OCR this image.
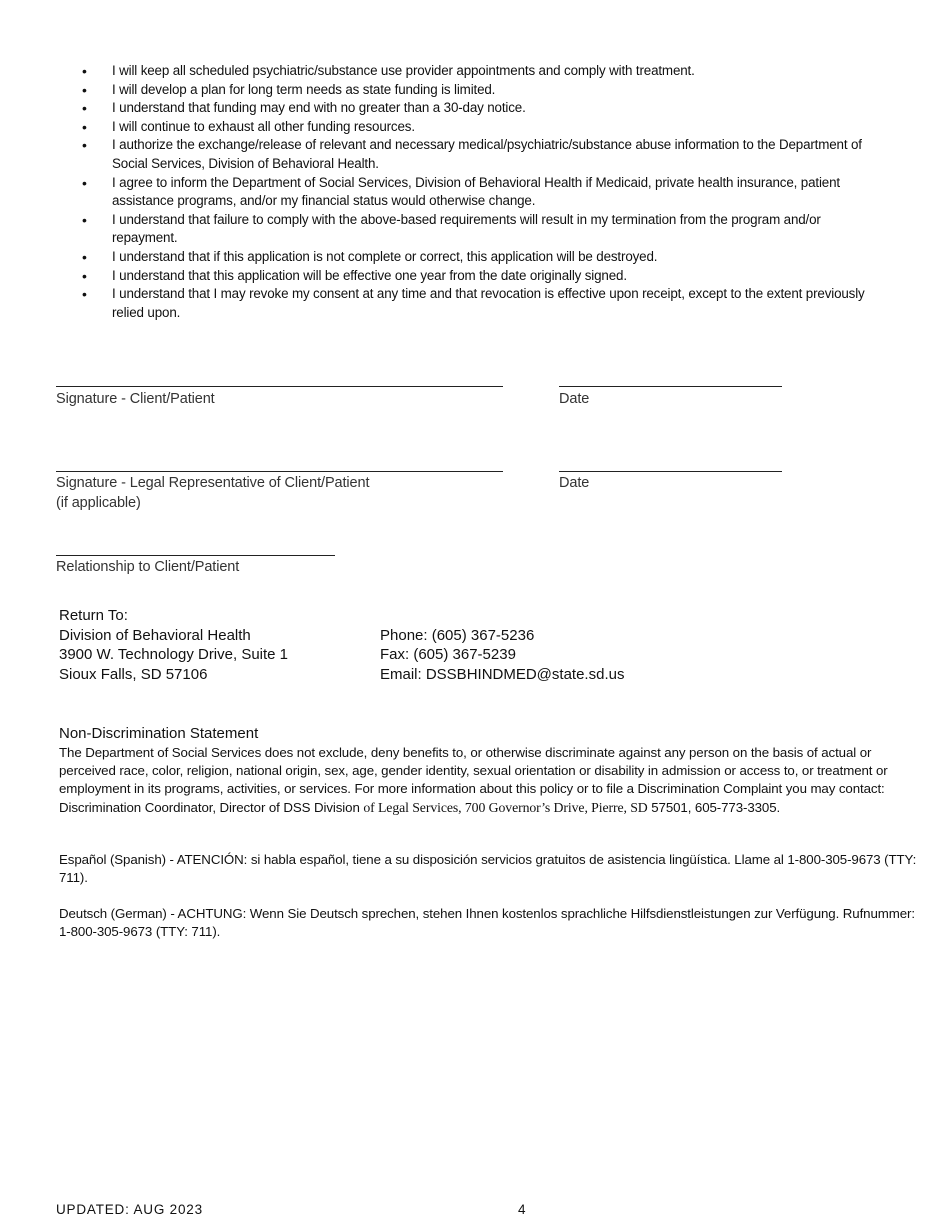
• I will keep all scheduled psychiatric/substance use provider appointments and comply with treatment.
• I will develop a plan for long term needs as state funding is limited.
• I understand that funding may end with no greater than a 30-day notice.
• I will continue to exhaust all other funding resources.
• I authorize the exchange/release of relevant and necessary medical/psychiatric/substance abuse information to the Department of Social Services, Division of Behavioral Health.
• I agree to inform the Department of Social Services, Division of Behavioral Health if Medicaid, private health insurance, patient assistance programs, and/or my financial status would otherwise change.
• I understand that failure to comply with the above-based requirements will result in my termination from the program and/or repayment.
• I understand that if this application is not complete or correct, this application will be destroyed.
• I understand that this application will be effective one year from the date originally signed.
• I understand that I may revoke my consent at any time and that revocation is effective upon receipt, except to the extent previously relied upon.
Signature - Client/Patient	Date
Signature - Legal Representative of Client/Patient
(if applicable)
Date
Relationship to Client/Patient
Return To:
Division of Behavioral Health
3900 W. Technology Drive, Suite 1
Sioux Falls, SD 57106
Phone: (605) 367-5236
Fax: (605) 367-5239
Email: DSSBHINDMED@state.sd.us
Non-Discrimination Statement
The Department of Social Services does not exclude, deny benefits to, or otherwise discriminate against any person on the basis of actual or perceived race, color, religion, national origin, sex, age, gender identity, sexual orientation or disability in admission or access to, or treatment or employment in its programs, activities, or services. For more information about this policy or to file a Discrimination Complaint you may contact: Discrimination Coordinator, Director of DSS Division of Legal Services, 700 Governor’s Drive, Pierre, SD 57501, 605-773-3305.
Español (Spanish) - ATENCIÓN: si habla español, tiene a su disposición servicios gratuitos de asistencia lingüística. Llame al 1-800-305-9673 (TTY: 711).
Deutsch (German) - ACHTUNG: Wenn Sie Deutsch sprechen, stehen Ihnen kostenlos sprachliche Hilfsdienstleistungen zur Verfügung. Rufnummer: 1-800-305-9673 (TTY: 711).
UPDATED: AUG 2023	4
